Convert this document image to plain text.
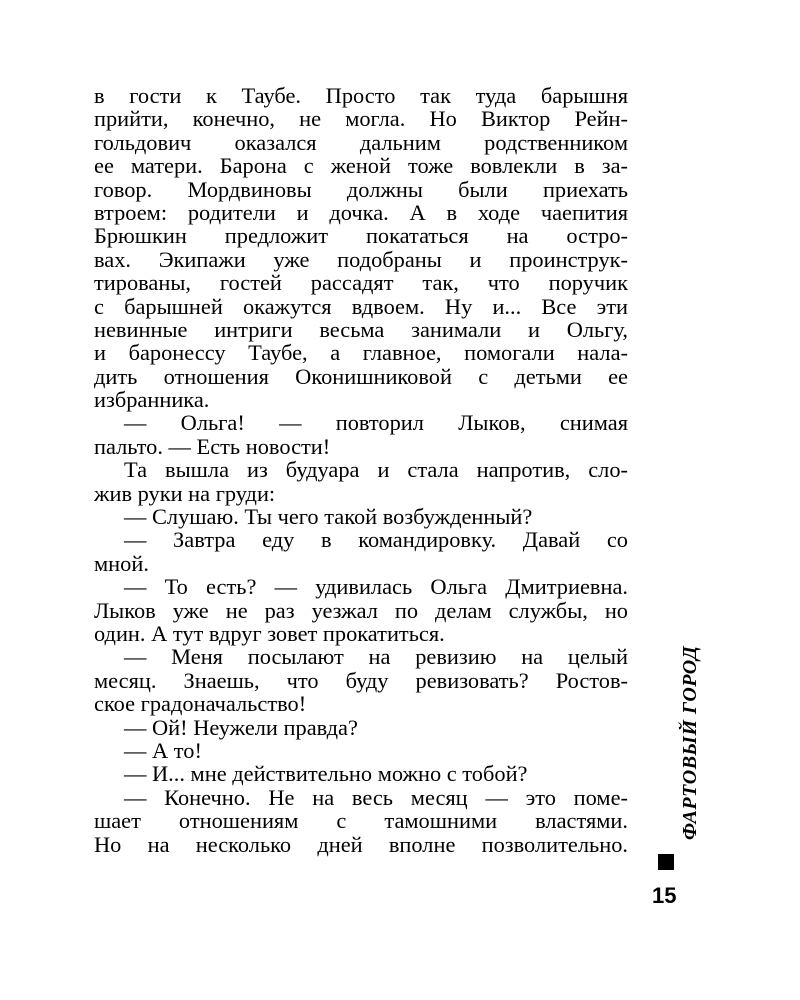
в гости к Таубе. Просто так туда барышня
прийти, конечно, не могла. Но Виктор Рейн-
гольдович оказался дальним родственником
ее матери. Барона с женой тоже вовлекли в за-
говор. Мордвиновы должны были приехать
втроем: родители и дочка. А в ходе чаепития
Брюшкин предложит покататься на остро-
вах. Экипажи уже подобраны и проинструк-
тированы, гостей рассадят так, что поручик
с барышней окажутся вдвоем. Ну и... Все эти
невинные интриги весьма занимали и Ольгу,
и баронессу Таубе, а главное, помогали нала-
дить отношения Оконишниковой с детьми ее
избранника.
— Ольга! — повторил Лыков, снимая
пальто. — Есть новости!
Та вышла из будуара и стала напротив, сло-
жив руки на груди:
— Слушаю. Ты чего такой возбужденный?
— Завтра еду в командировку. Давай со
мной.
— То есть? — удивилась Ольга Дмитриевна.
Лыков уже не раз уезжал по делам службы, но
один. А тут вдруг зовет прокатиться.
— Меня посылают на ревизию на целый
месяц. Знаешь, что буду ревизовать? Ростов-
ское градоначальство!
— Ой! Неужели правда?
— А то!
— И... мне действительно можно с тобой?
— Конечно. Не на весь месяц — это поме-
шает отношениям с тамошними властями.
Но на несколько дней вполне позволительно.
ФАРТОВЫЙ ГОРОД
15
